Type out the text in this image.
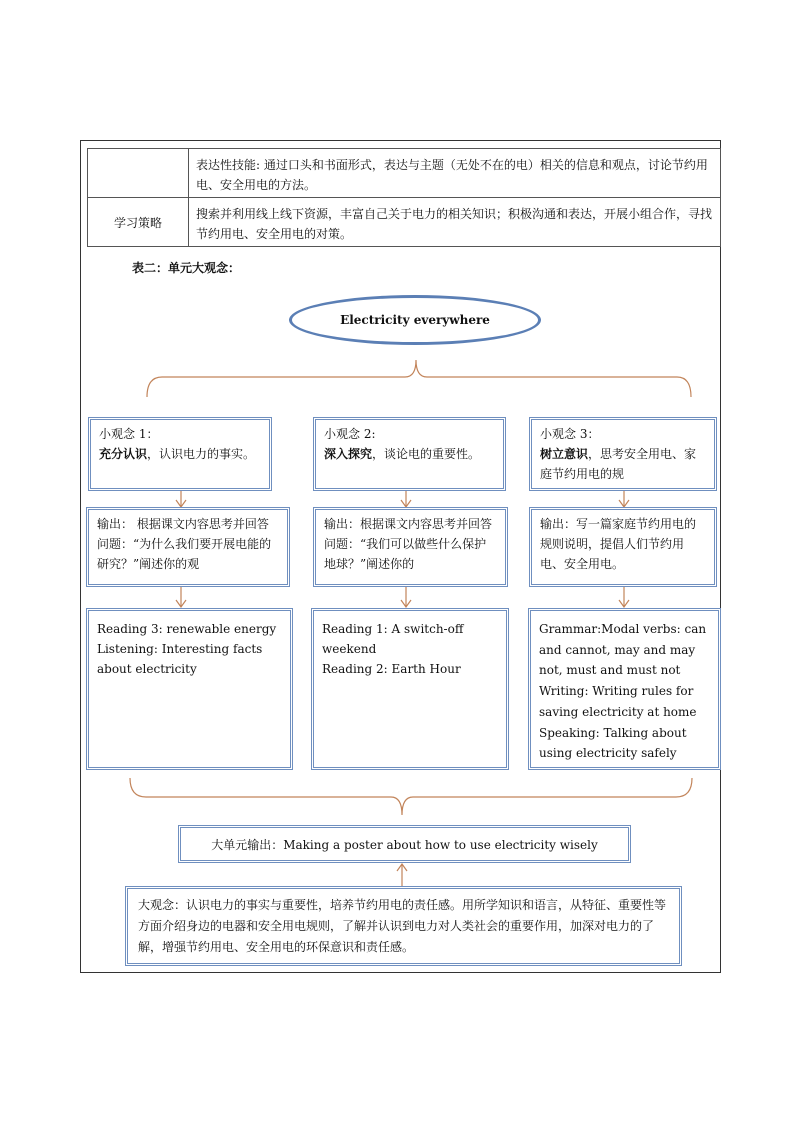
表达性技能: 通过口头和书面形式，表达与主题（无处不在的电）相关的信息和观点，讨论节约用电、安全用电的方法。
学习策略
搜索并利用线上线下资源，丰富自己关于电力的相关知识；积极沟通和表达，开展小组合作，寻找节约用电、安全用电的对策。
表二：单元大观念：
Electricity everywhere
小观念 1：
充分认识，认识电力的事实。
小观念 2:
深入探究，谈论电的重要性。
小观念 3：
树立意识，思考安全用电、家庭节约用电的规
输出： 根据课文内容思考并回答问题：“为什么我们要开展电能的研究？”阐述你的观
输出：根据课文内容思考并回答问题：“我们可以做些什么保护地球？”阐述你的
输出：写一篇家庭节约用电的规则说明，提倡人们节约用电、安全用电。
Reading 3: renewable energy
Listening: Interesting facts about electricity
Reading 1: A switch-off weekend
Reading 2: Earth Hour
Grammar:Modal verbs: can and cannot, may and may not, must and must not
Writing: Writing rules for saving electricity at home
Speaking: Talking about using electricity safely
大单元输出：Making a poster about how to use electricity wisely
大观念：认识电力的事实与重要性，培养节约用电的责任感。用所学知识和语言，从特征、重要性等方面介绍身边的电器和安全用电规则，了解并认识到电力对人类社会的重要作用，加深对电力的了解，增强节约用电、安全用电的环保意识和责任感。
